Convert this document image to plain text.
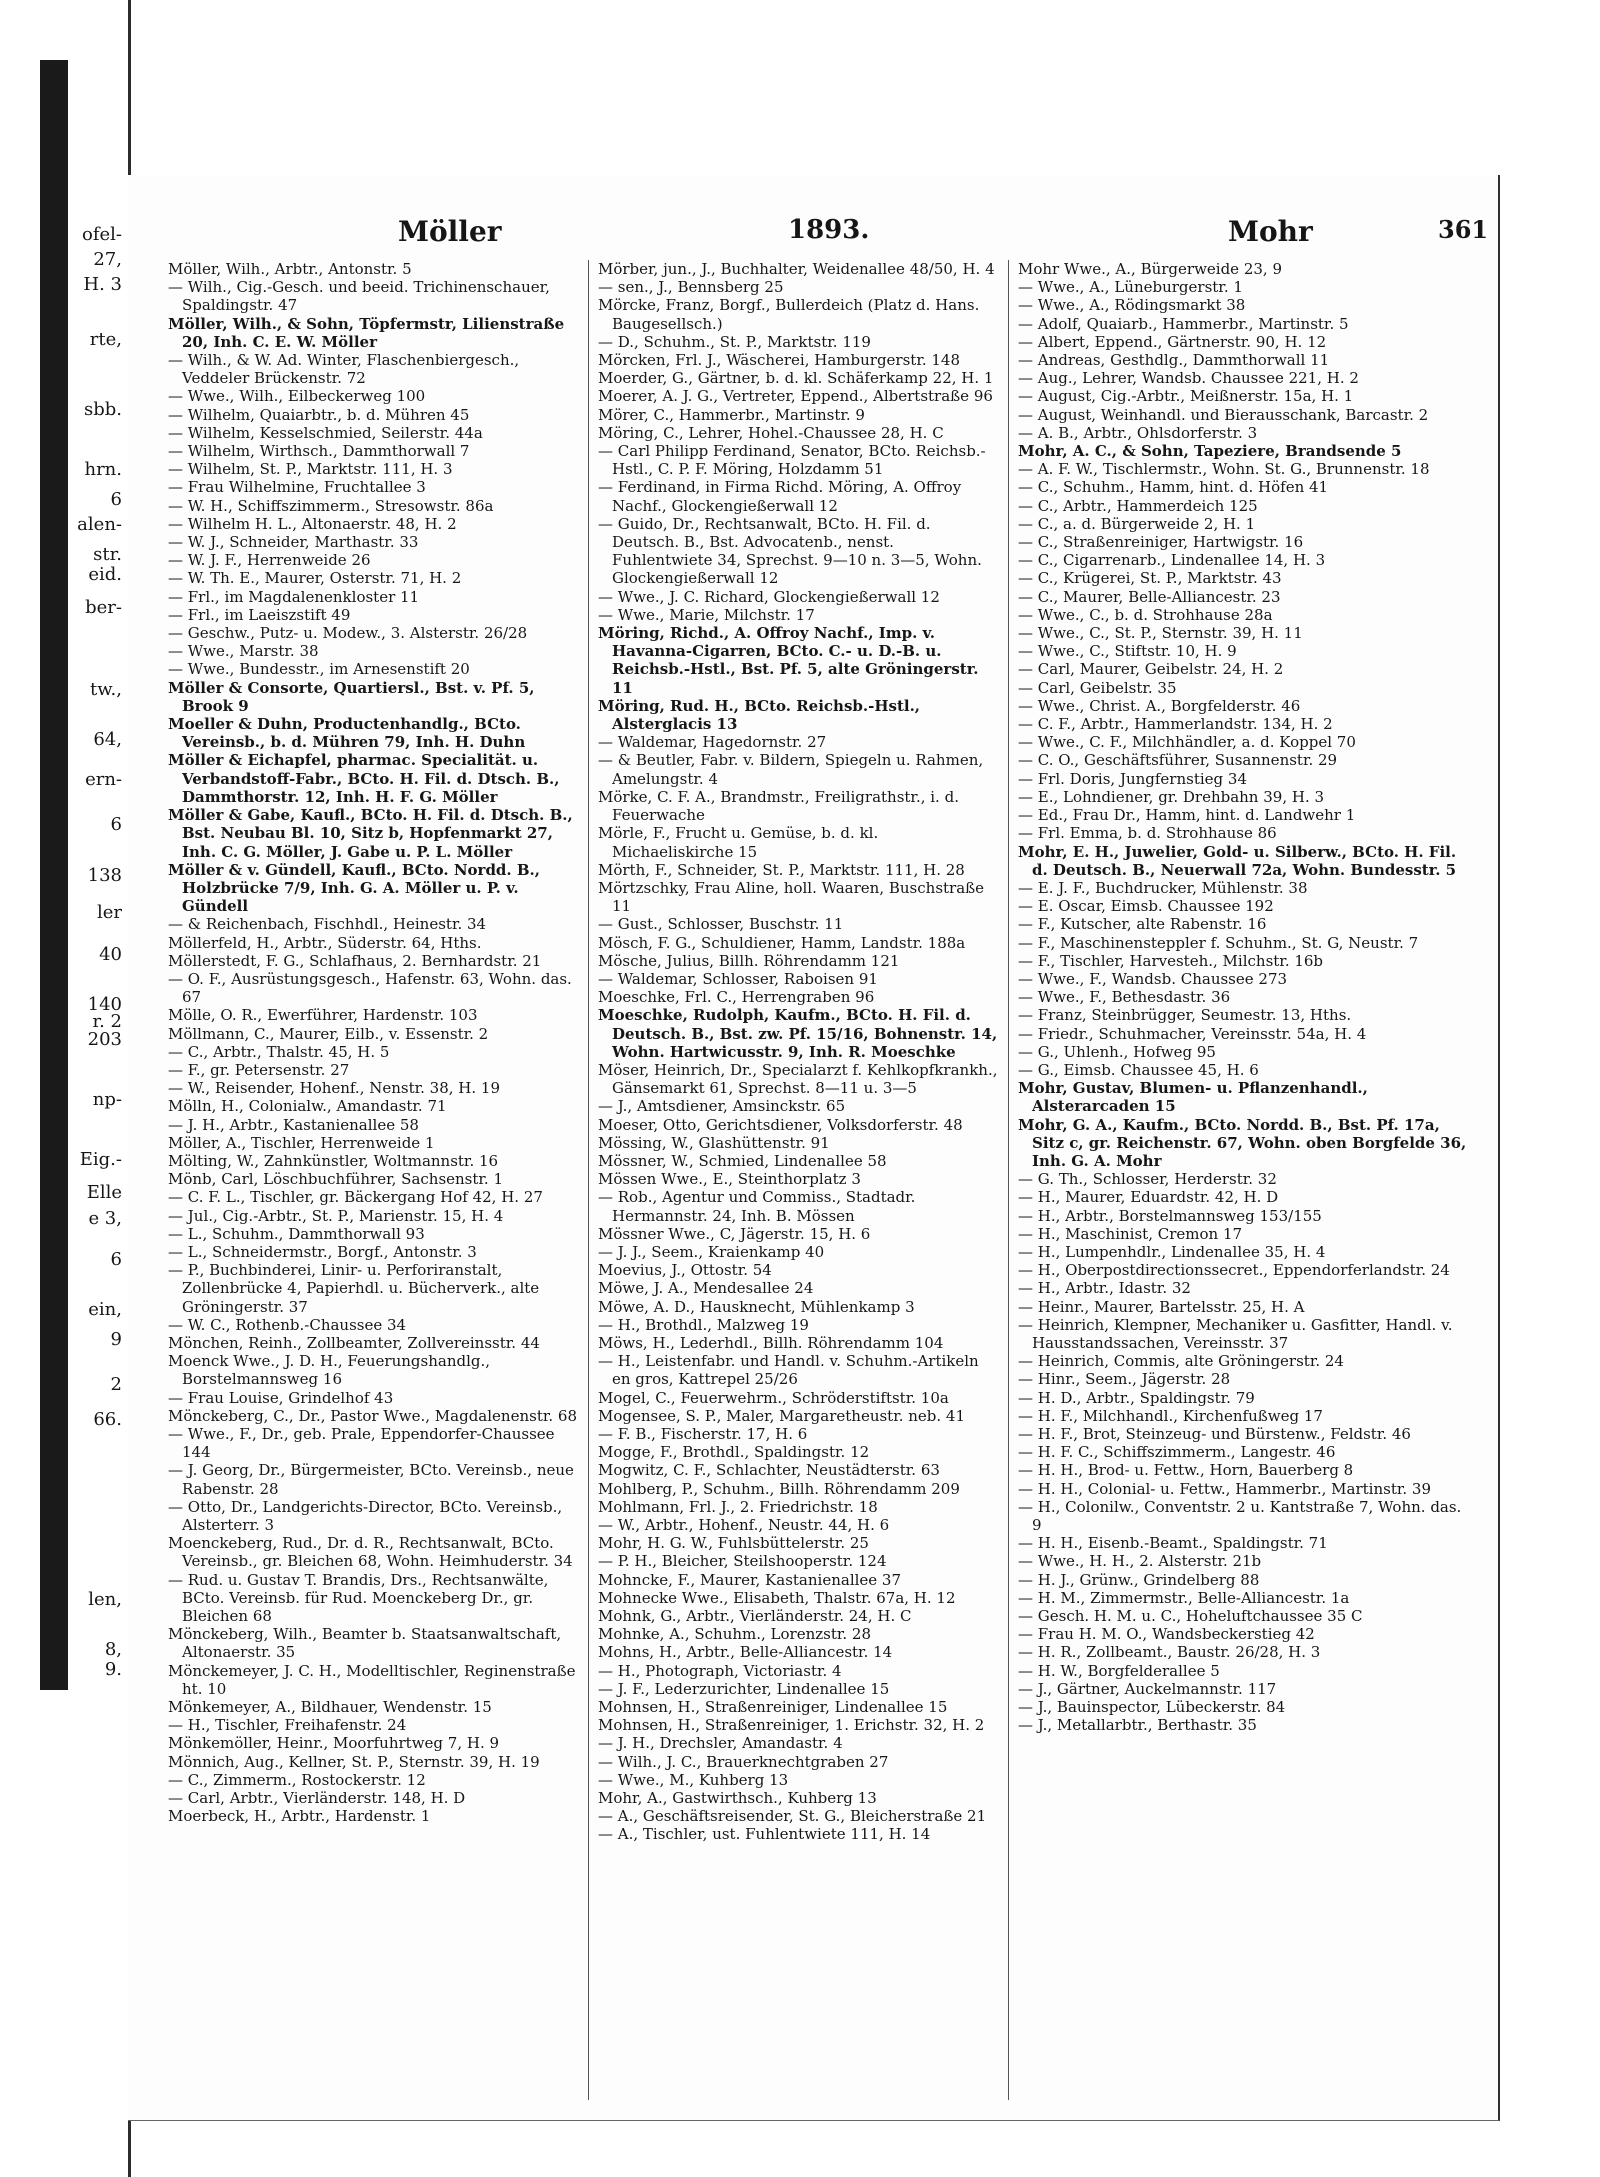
ofel-
27,
H. 3
rte,
sbb.
hrn.
6
alen-
str.
eid.
ber-
tw.,
64,
ern-
6
138
ler
40
140
r. 2
203
np-
Eig.-
Elle
e 3,
6
ein,
9
2
66.
len,
8,
9.
Möller	1893.	Mohr	361

Möller, Wilh., Arbtr., Antonstr. 5

— Wilh., Cig.-Gesch. und beeid. Trichinenschauer, Spaldingstr. 47

Möller, Wilh., & Sohn, Töpfermstr, Lilienstraße 20, Inh. C. E. W. Möller

— Wilh., & W. Ad. Winter, Flaschenbiergesch., Veddeler Brückenstr. 72

— Wwe., Wilh., Eilbeckerweg 100

— Wilhelm, Quaiarbtr., b. d. Mühren 45

— Wilhelm, Kesselschmied, Seilerstr. 44a

— Wilhelm, Wirthsch., Dammthorwall 7

— Wilhelm, St. P., Marktstr. 111, H. 3

— Frau Wilhelmine, Fruchtallee 3

— W. H., Schiffszimmerm., Stresowstr. 86a

— Wilhelm H. L., Altonaerstr. 48, H. 2

— W. J., Schneider, Marthastr. 33

— W. J. F., Herrenweide 26

— W. Th. E., Maurer, Osterstr. 71, H. 2

— Frl., im Magdalenenkloster 11

— Frl., im Laeiszstift 49

— Geschw., Putz- u. Modew., 3. Alsterstr. 26/28

— Wwe., Marstr. 38

— Wwe., Bundesstr., im Arnesenstift 20

Möller & Consorte, Quartiersl., Bst. v. Pf. 5, Brook 9

Moeller & Duhn, Productenhandlg., BCto. Vereinsb., b. d. Mühren 79, Inh. H. Duhn

Möller & Eichapfel, pharmac. Specialität. u. Verbandstoff-Fabr., BCto. H. Fil. d. Dtsch. B., Dammthorstr. 12, Inh. H. F. G. Möller

Möller & Gabe, Kaufl., BCto. H. Fil. d. Dtsch. B., Bst. Neubau Bl. 10, Sitz b, Hopfenmarkt 27, Inh. C. G. Möller, J. Gabe u. P. L. Möller

Möller & v. Gündell, Kaufl., BCto. Nordd. B., Holzbrücke 7/9, Inh. G. A. Möller u. P. v. Gündell

— & Reichenbach, Fischhdl., Heinestr. 34

Möllerfeld, H., Arbtr., Süderstr. 64, Hths.

Möllerstedt, F. G., Schlafhaus, 2. Bernhardstr. 21

— O. F., Ausrüstungsgesch., Hafenstr. 63, Wohn. das. 67

Mölle, O. R., Ewerführer, Hardenstr. 103

Möllmann, C., Maurer, Eilb., v. Essenstr. 2

— C., Arbtr., Thalstr. 45, H. 5

— F., gr. Petersenstr. 27

— W., Reisender, Hohenf., Nenstr. 38, H. 19

Mölln, H., Colonialw., Amandastr. 71

— J. H., Arbtr., Kastanienallee 58

Möller, A., Tischler, Herrenweide 1

Mölting, W., Zahnkünstler, Woltmannstr. 16

Mönb, Carl, Löschbuchführer, Sachsenstr. 1

— C. F. L., Tischler, gr. Bäckergang Hof 42, H. 27

— Jul., Cig.-Arbtr., St. P., Marienstr. 15, H. 4

— L., Schuhm., Dammthorwall 93

— L., Schneidermstr., Borgf., Antonstr. 3

— P., Buchbinderei, Linir- u. Perforiranstalt, Zollenbrücke 4, Papierhdl. u. Bücherverk., alte Gröningerstr. 37

— W. C., Rothenb.-Chaussee 34

Mönchen, Reinh., Zollbeamter, Zollvereinsstr. 44

Moenck Wwe., J. D. H., Feuerungshandlg., Borstelmannsweg 16

— Frau Louise, Grindelhof 43

Mönckeberg, C., Dr., Pastor Wwe., Magdalenenstr. 68

— Wwe., F., Dr., geb. Prale, Eppendorfer-Chaussee 144

— J. Georg, Dr., Bürgermeister, BCto. Vereinsb., neue Rabenstr. 28

— Otto, Dr., Landgerichts-Director, BCto. Vereinsb., Alsterterr. 3

Moenckeberg, Rud., Dr. d. R., Rechtsanwalt, BCto. Vereinsb., gr. Bleichen 68, Wohn. Heimhuderstr. 34

— Rud. u. Gustav T. Brandis, Drs., Rechtsanwälte, BCto. Vereinsb. für Rud. Moenckeberg Dr., gr. Bleichen 68

Mönckeberg, Wilh., Beamter b. Staatsanwaltschaft, Altonaerstr. 35

Mönckemeyer, J. C. H., Modelltischler, Reginenstraße ht. 10

Mönkemeyer, A., Bildhauer, Wendenstr. 15

— H., Tischler, Freihafenstr. 24

Mönkemöller, Heinr., Moorfuhrtweg 7, H. 9

Mönnich, Aug., Kellner, St. P., Sternstr. 39, H. 19

— C., Zimmerm., Rostockerstr. 12

— Carl, Arbtr., Vierländerstr. 148, H. D

Moerbeck, H., Arbtr., Hardenstr. 1

Mörber, jun., J., Buchhalter, Weidenallee 48/50, H. 4

— sen., J., Bennsberg 25

Mörcke, Franz, Borgf., Bullerdeich (Platz d. Hans. Baugesellsch.)

— D., Schuhm., St. P., Marktstr. 119

Mörcken, Frl. J., Wäscherei, Hamburgerstr. 148

Moerder, G., Gärtner, b. d. kl. Schäferkamp 22, H. 1

Moerer, A. J. G., Vertreter, Eppend., Albertstraße 96

Mörer, C., Hammerbr., Martinstr. 9

Möring, C., Lehrer, Hohel.-Chaussee 28, H. C

— Carl Philipp Ferdinand, Senator, BCto. Reichsb.-Hstl., C. P. F. Möring, Holzdamm 51

— Ferdinand, in Firma Richd. Möring, A. Offroy Nachf., Glockengießerwall 12

— Guido, Dr., Rechtsanwalt, BCto. H. Fil. d. Deutsch. B., Bst. Advocatenb., nenst. Fuhlentwiete 34, Sprechst. 9—10 n. 3—5, Wohn. Glockengießerwall 12

— Wwe., J. C. Richard, Glockengießerwall 12

— Wwe., Marie, Milchstr. 17

Möring, Richd., A. Offroy Nachf., Imp. v. Havanna-Cigarren, BCto. C.- u. D.-B. u. Reichsb.-Hstl., Bst. Pf. 5, alte Gröningerstr. 11

Möring, Rud. H., BCto. Reichsb.-Hstl., Alsterglacis 13

— Waldemar, Hagedornstr. 27

— & Beutler, Fabr. v. Bildern, Spiegeln u. Rahmen, Amelungstr. 4

Mörke, C. F. A., Brandmstr., Freiligrathstr., i. d. Feuerwache

Mörle, F., Frucht u. Gemüse, b. d. kl. Michaeliskirche 15

Mörth, F., Schneider, St. P., Marktstr. 111, H. 28

Mörtzschky, Frau Aline, holl. Waaren, Buschstraße 11

— Gust., Schlosser, Buschstr. 11

Mösch, F. G., Schuldiener, Hamm, Landstr. 188a

Mösche, Julius, Billh. Röhrendamm 121

— Waldemar, Schlosser, Raboisen 91

Moeschke, Frl. C., Herrengraben 96

Moeschke, Rudolph, Kaufm., BCto. H. Fil. d. Deutsch. B., Bst. zw. Pf. 15/16, Bohnenstr. 14, Wohn. Hartwicusstr. 9, Inh. R. Moeschke

Möser, Heinrich, Dr., Specialarzt f. Kehlkopfkrankh., Gänsemarkt 61, Sprechst. 8—11 u. 3—5

— J., Amtsdiener, Amsinckstr. 65

Moeser, Otto, Gerichtsdiener, Volksdorferstr. 48

Mössing, W., Glashüttenstr. 91

Mössner, W., Schmied, Lindenallee 58

Mössen Wwe., E., Steinthorplatz 3

— Rob., Agentur und Commiss., Stadtadr. Hermannstr. 24, Inh. B. Mössen

Mössner Wwe., C, Jägerstr. 15, H. 6

— J. J., Seem., Kraienkamp 40

Moevius, J., Ottostr. 54

Möwe, J. A., Mendesallee 24

Möwe, A. D., Hausknecht, Mühlenkamp 3

— H., Brothdl., Malzweg 19

Möws, H., Lederhdl., Billh. Röhrendamm 104

— H., Leistenfabr. und Handl. v. Schuhm.-Artikeln en gros, Kattrepel 25/26

Mogel, C., Feuerwehrm., Schröderstiftstr. 10a

Mogensee, S. P., Maler, Margaretheustr. neb. 41

— F. B., Fischerstr. 17, H. 6

Mogge, F., Brothdl., Spaldingstr. 12

Mogwitz, C. F., Schlachter, Neustädterstr. 63

Mohlberg, P., Schuhm., Billh. Röhrendamm 209

Mohlmann, Frl. J., 2. Friedrichstr. 18

— W., Arbtr., Hohenf., Neustr. 44, H. 6

Mohr, H. G. W., Fuhlsbüttelerstr. 25

— P. H., Bleicher, Steilshooperstr. 124

Mohncke, F., Maurer, Kastanienallee 37

Mohnecke Wwe., Elisabeth, Thalstr. 67a, H. 12

Mohnk, G., Arbtr., Vierländerstr. 24, H. C

Mohnke, A., Schuhm., Lorenzstr. 28

Mohns, H., Arbtr., Belle-Alliancestr. 14

— H., Photograph, Victoriastr. 4

— J. F., Lederzurichter, Lindenallee 15

Mohnsen, H., Straßenreiniger, Lindenallee 15

Mohnsen, H., Straßenreiniger, 1. Erichstr. 32, H. 2

— J. H., Drechsler, Amandastr. 4

— Wilh., J. C., Brauerknechtgraben 27

— Wwe., M., Kuhberg 13

Mohr, A., Gastwirthsch., Kuhberg 13

— A., Geschäftsreisender, St. G., Bleicherstraße 21

— A., Tischler, ust. Fuhlentwiete 111, H. 14

Mohr Wwe., A., Bürgerweide 23, 9

— Wwe., A., Lüneburgerstr. 1

— Wwe., A., Rödingsmarkt 38

— Adolf, Quaiarb., Hammerbr., Martinstr. 5

— Albert, Eppend., Gärtnerstr. 90, H. 12

— Andreas, Gesthdlg., Dammthorwall 11

— Aug., Lehrer, Wandsb. Chaussee 221, H. 2

— August, Cig.-Arbtr., Meißnerstr. 15a, H. 1

— August, Weinhandl. und Bierausschank, Barcastr. 2

— A. B., Arbtr., Ohlsdorferstr. 3

Mohr, A. C., & Sohn, Tapeziere, Brandsende 5

— A. F. W., Tischlermstr., Wohn. St. G., Brunnenstr. 18

— C., Schuhm., Hamm, hint. d. Höfen 41

— C., Arbtr., Hammerdeich 125

— C., a. d. Bürgerweide 2, H. 1

— C., Straßenreiniger, Hartwigstr. 16

— C., Cigarrenarb., Lindenallee 14, H. 3

— C., Krügerei, St. P., Marktstr. 43

— C., Maurer, Belle-Alliancestr. 23

— Wwe., C., b. d. Strohhause 28a

— Wwe., C., St. P., Sternstr. 39, H. 11

— Wwe., C., Stiftstr. 10, H. 9

— Carl, Maurer, Geibelstr. 24, H. 2

— Carl, Geibelstr. 35

— Wwe., Christ. A., Borgfelderstr. 46

— C. F., Arbtr., Hammerlandstr. 134, H. 2

— Wwe., C. F., Milchhändler, a. d. Koppel 70

— C. O., Geschäftsführer, Susannenstr. 29

— Frl. Doris, Jungfernstieg 34

— E., Lohndiener, gr. Drehbahn 39, H. 3

— Ed., Frau Dr., Hamm, hint. d. Landwehr 1

— Frl. Emma, b. d. Strohhause 86

Mohr, E. H., Juwelier, Gold- u. Silberw., BCto. H. Fil. d. Deutsch. B., Neuerwall 72a, Wohn. Bundesstr. 5

— E. J. F., Buchdrucker, Mühlenstr. 38

— E. Oscar, Eimsb. Chaussee 192

— F., Kutscher, alte Rabenstr. 16

— F., Maschinensteppler f. Schuhm., St. G, Neustr. 7

— F., Tischler, Harvesteh., Milchstr. 16b

— Wwe., F., Wandsb. Chaussee 273

— Wwe., F., Bethesdastr. 36

— Franz, Steinbrügger, Seumestr. 13, Hths.

— Friedr., Schuhmacher, Vereinsstr. 54a, H. 4

— G., Uhlenh., Hofweg 95

— G., Eimsb. Chaussee 45, H. 6

Mohr, Gustav, Blumen- u. Pflanzenhandl., Alsterarcaden 15

Mohr, G. A., Kaufm., BCto. Nordd. B., Bst. Pf. 17a, Sitz c, gr. Reichenstr. 67, Wohn. oben Borgfelde 36, Inh. G. A. Mohr

— G. Th., Schlosser, Herderstr. 32

— H., Maurer, Eduardstr. 42, H. D

— H., Arbtr., Borstelmannsweg 153/155

— H., Maschinist, Cremon 17

— H., Lumpenhdlr., Lindenallee 35, H. 4

— H., Oberpostdirectionssecret., Eppendorferlandstr. 24

— H., Arbtr., Idastr. 32

— Heinr., Maurer, Bartelsstr. 25, H. A

— Heinrich, Klempner, Mechaniker u. Gasfitter, Handl. v. Hausstandssachen, Vereinsstr. 37

— Heinrich, Commis, alte Gröningerstr. 24

— Hinr., Seem., Jägerstr. 28

— H. D., Arbtr., Spaldingstr. 79

— H. F., Milchhandl., Kirchenfußweg 17

— H. F., Brot, Steinzeug- und Bürstenw., Feldstr. 46

— H. F. C., Schiffszimmerm., Langestr. 46

— H. H., Brod- u. Fettw., Horn, Bauerberg 8

— H. H., Colonial- u. Fettw., Hammerbr., Martinstr. 39

— H., Colonilw., Conventstr. 2 u. Kantstraße 7, Wohn. das. 9

— H. H., Eisenb.-Beamt., Spaldingstr. 71

— Wwe., H. H., 2. Alsterstr. 21b

— H. J., Grünw., Grindelberg 88

— H. M., Zimmermstr., Belle-Alliancestr. 1a

— Gesch. H. M. u. C., Hoheluftchaussee 35 C

— Frau H. M. O., Wandsbeckerstieg 42

— H. R., Zollbeamt., Baustr. 26/28, H. 3

— H. W., Borgfelderallee 5

— J., Gärtner, Auckelmannstr. 117

— J., Bauinspector, Lübeckerstr. 84

— J., Metallarbtr., Berthastr. 35
